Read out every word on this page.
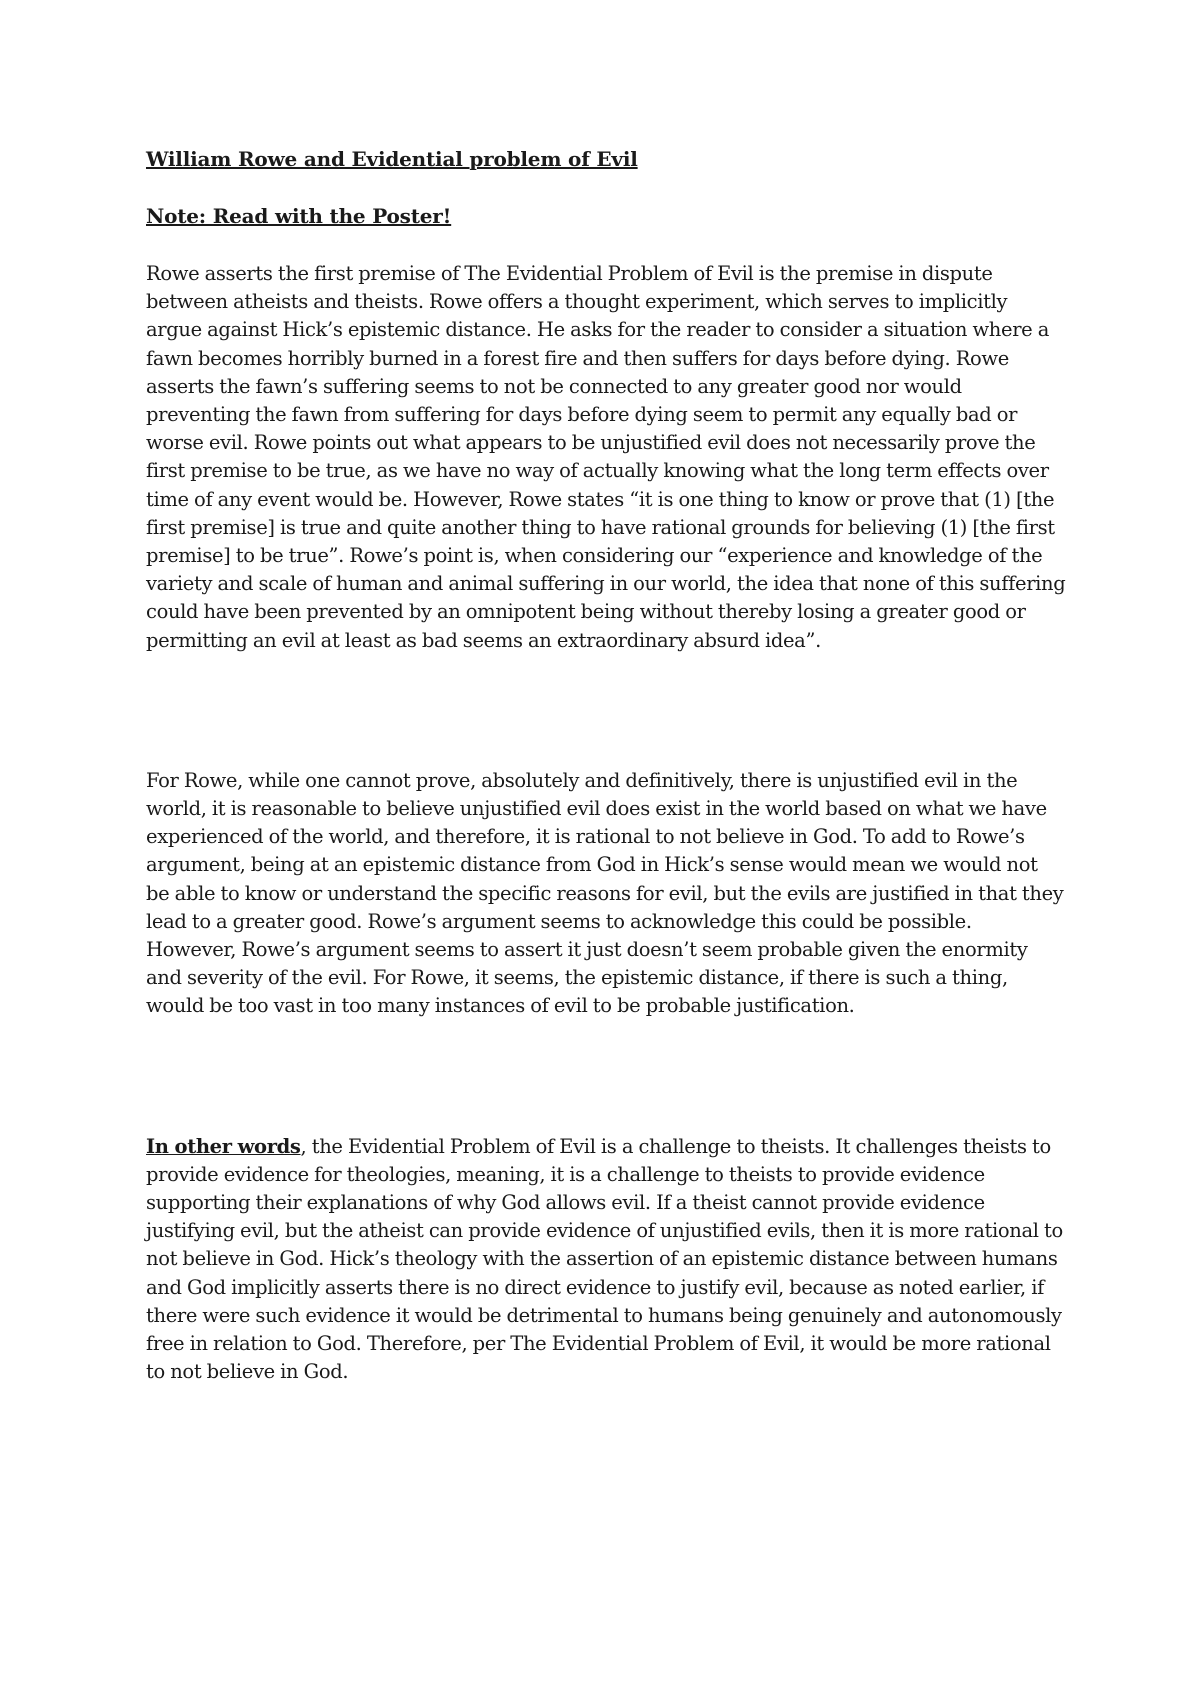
William Rowe and Evidential problem of Evil

Note: Read with the Poster!

Rowe asserts the first premise of The Evidential Problem of Evil is the premise in dispute between atheists and theists. Rowe offers a thought experiment, which serves to implicitly argue against Hick’s epistemic distance. He asks for the reader to consider a situation where a fawn becomes horribly burned in a forest fire and then suffers for days before dying. Rowe asserts the fawn’s suffering seems to not be connected to any greater good nor would preventing the fawn from suffering for days before dying seem to permit any equally bad or worse evil. Rowe points out what appears to be unjustified evil does not necessarily prove the first premise to be true, as we have no way of actually knowing what the long term effects over time of any event would be. However, Rowe states “it is one thing to know or prove that (1) [the first premise] is true and quite another thing to have rational grounds for believing (1) [the first premise] to be true”. Rowe’s point is, when considering our “experience and knowledge of the variety and scale of human and animal suffering in our world, the idea that none of this suffering could have been prevented by an omnipotent being without thereby losing a greater good or permitting an evil at least as bad seems an extraordinary absurd idea”.

For Rowe, while one cannot prove, absolutely and definitively, there is unjustified evil in the world, it is reasonable to believe unjustified evil does exist in the world based on what we have experienced of the world, and therefore, it is rational to not believe in God. To add to Rowe’s argument, being at an epistemic distance from God in Hick’s sense would mean we would not be able to know or understand the specific reasons for evil, but the evils are justified in that they lead to a greater good. Rowe’s argument seems to acknowledge this could be possible. However, Rowe’s argument seems to assert it just doesn’t seem probable given the enormity and severity of the evil. For Rowe, it seems, the epistemic distance, if there is such a thing, would be too vast in too many instances of evil to be probable justification.

In other words, the Evidential Problem of Evil is a challenge to theists. It challenges theists to provide evidence for theologies, meaning, it is a challenge to theists to provide evidence supporting their explanations of why God allows evil. If a theist cannot provide evidence justifying evil, but the atheist can provide evidence of unjustified evils, then it is more rational to not believe in God. Hick’s theology with the assertion of an epistemic distance between humans and God implicitly asserts there is no direct evidence to justify evil, because as noted earlier, if there were such evidence it would be detrimental to humans being genuinely and autonomously free in relation to God. Therefore, per The Evidential Problem of Evil, it would be more rational to not believe in God.
